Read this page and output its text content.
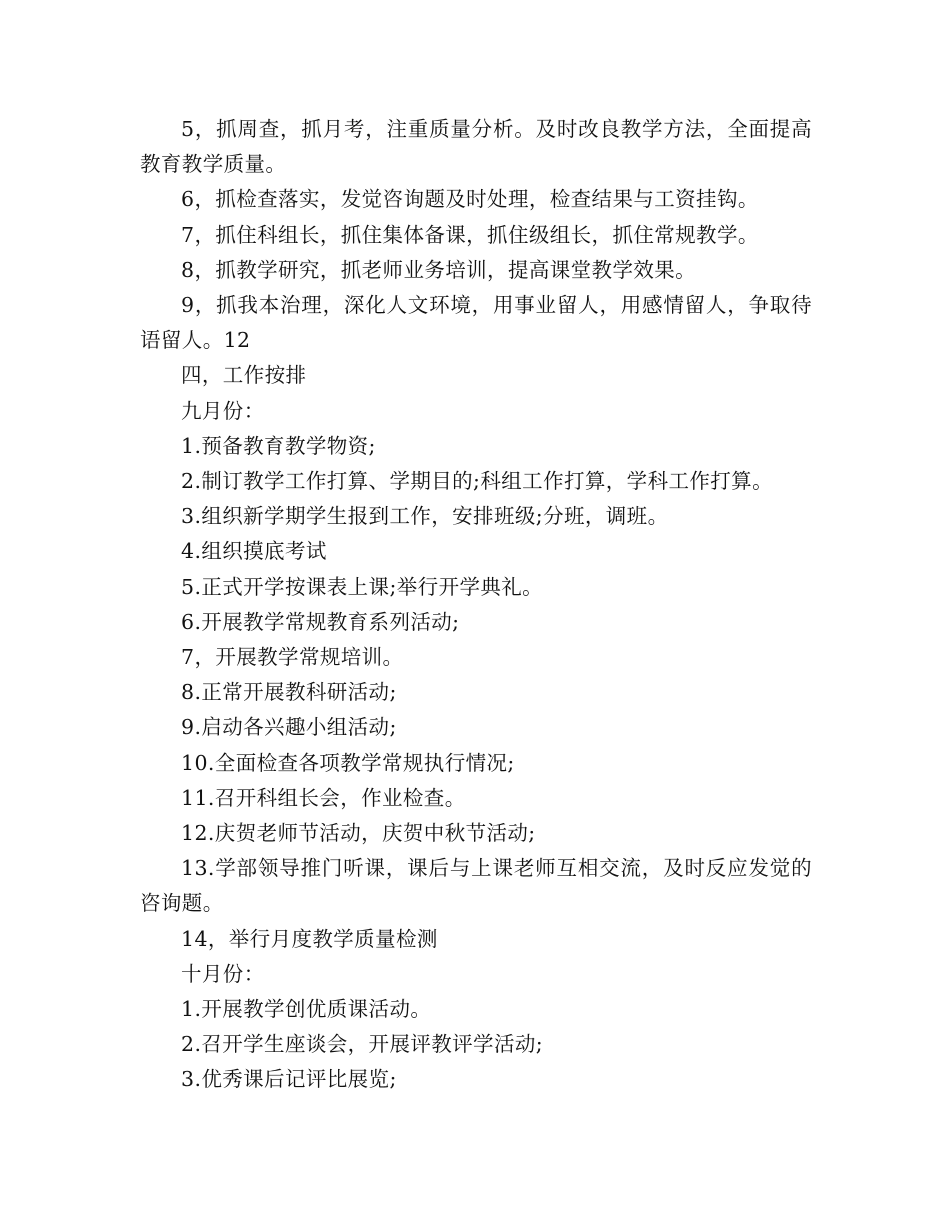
5，抓周查，抓月考，注重质量分析。及时改良教学方法，全面提高教育教学质量。

6，抓检查落实，发觉咨询题及时处理，检查结果与工资挂钩。

7，抓住科组长，抓住集体备课，抓住级组长，抓住常规教学。

8，抓教学研究，抓老师业务培训，提高课堂教学效果。

9，抓我本治理，深化人文环境，用事业留人，用感情留人，争取待语留人。12

四，工作按排

九月份：

1.预备教育教学物资;

2.制订教学工作打算、学期目的;科组工作打算，学科工作打算。

3.组织新学期学生报到工作，安排班级;分班，调班。

4.组织摸底考试

5.正式开学按课表上课;举行开学典礼。

6.开展教学常规教育系列活动;

7，开展教学常规培训。

8.正常开展教科研活动;

9.启动各兴趣小组活动;

10.全面检查各项教学常规执行情况;

11.召开科组长会，作业检查。

12.庆贺老师节活动，庆贺中秋节活动;

13.学部领导推门听课，课后与上课老师互相交流，及时反应发觉的咨询题。

14，举行月度教学质量检测

十月份：

1.开展教学创优质课活动。

2.召开学生座谈会，开展评教评学活动;

3.优秀课后记评比展览;
